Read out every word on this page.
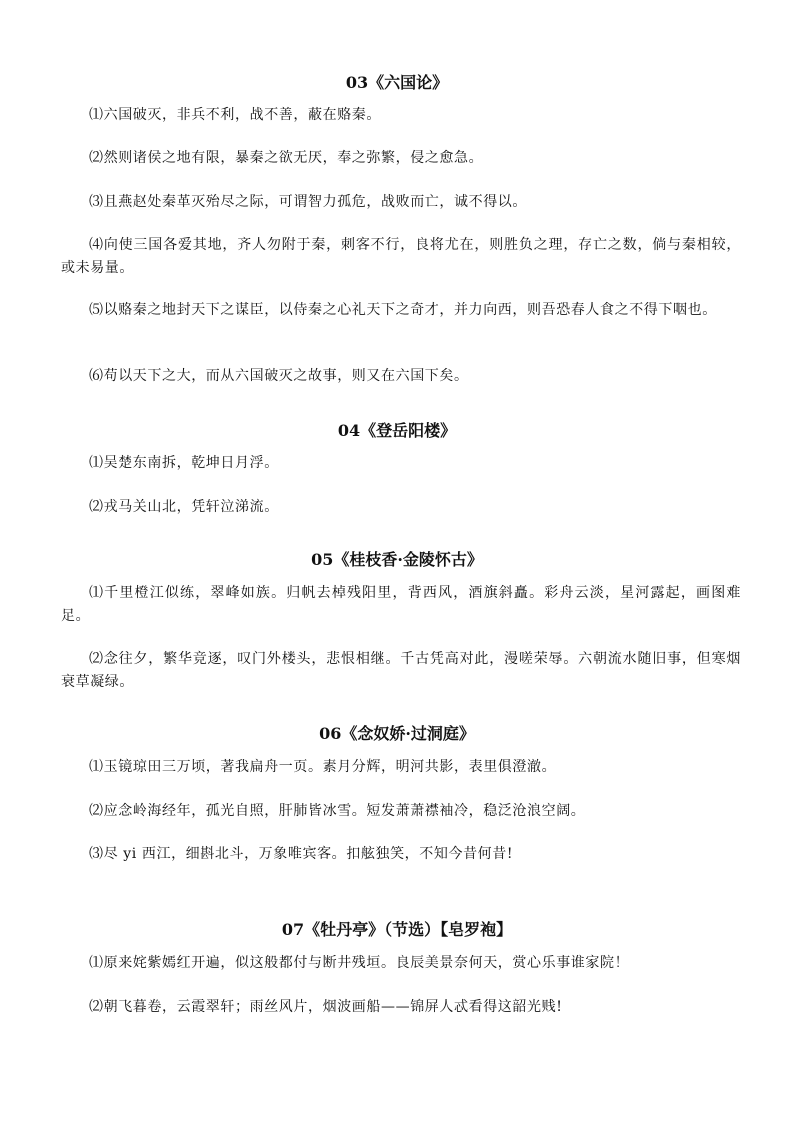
03《六国论》
⑴六国破灭，非兵不利，战不善，蔽在赂秦。
⑵然则诸侯之地有限，暴秦之欲无厌，奉之弥繁，侵之愈急。
⑶且燕赵处秦革灭殆尽之际，可谓智力孤危，战败而亡，诚不得以。
⑷向使三国各爱其地，齐人勿附于秦，刺客不行，良将尤在，则胜负之理，存亡之数，倘与秦相较，或未易量。
⑸以赂秦之地封天下之谋臣，以侍秦之心礼天下之奇才，并力向西，则吾恐春人食之不得下咽也。
⑹苟以天下之大，而从六国破灭之故事，则又在六国下矣。
04《登岳阳楼》
⑴吴楚东南拆，乾坤日月浮。
⑵戎马关山北，凭轩泣涕流。
05《桂枝香·金陵怀古》
⑴千里橙江似练，翠峰如族。归帆去棹残阳里，背西风，酒旗斜矗。彩舟云淡，星河露起，画图难足。
⑵念往夕，繁华竞逐，叹门外楼头，悲恨相继。千古凭高对此，漫嗟荣辱。六朝流水随旧事，但寒烟衰草凝绿。
06《念奴娇·过洞庭》
⑴玉镜琼田三万顷，著我扁舟一页。素月分辉，明河共影，表里俱澄澈。
⑵应念岭海经年，孤光自照，肝肺皆冰雪。短发萧萧襟袖冷，稳泛沧浪空阔。
⑶尽 yi 西江，细斟北斗，万象唯宾客。扣舷独笑，不知今昔何昔!
07《牡丹亭》（节选）【皂罗袍】
⑴原来姹紫嫣红开遍，似这般都付与断井残垣。良辰美景奈何天，赏心乐事谁家院！
⑵朝飞暮卷，云霞翠轩；雨丝风片，烟波画船——锦屏人忒看得这韶光贱!
